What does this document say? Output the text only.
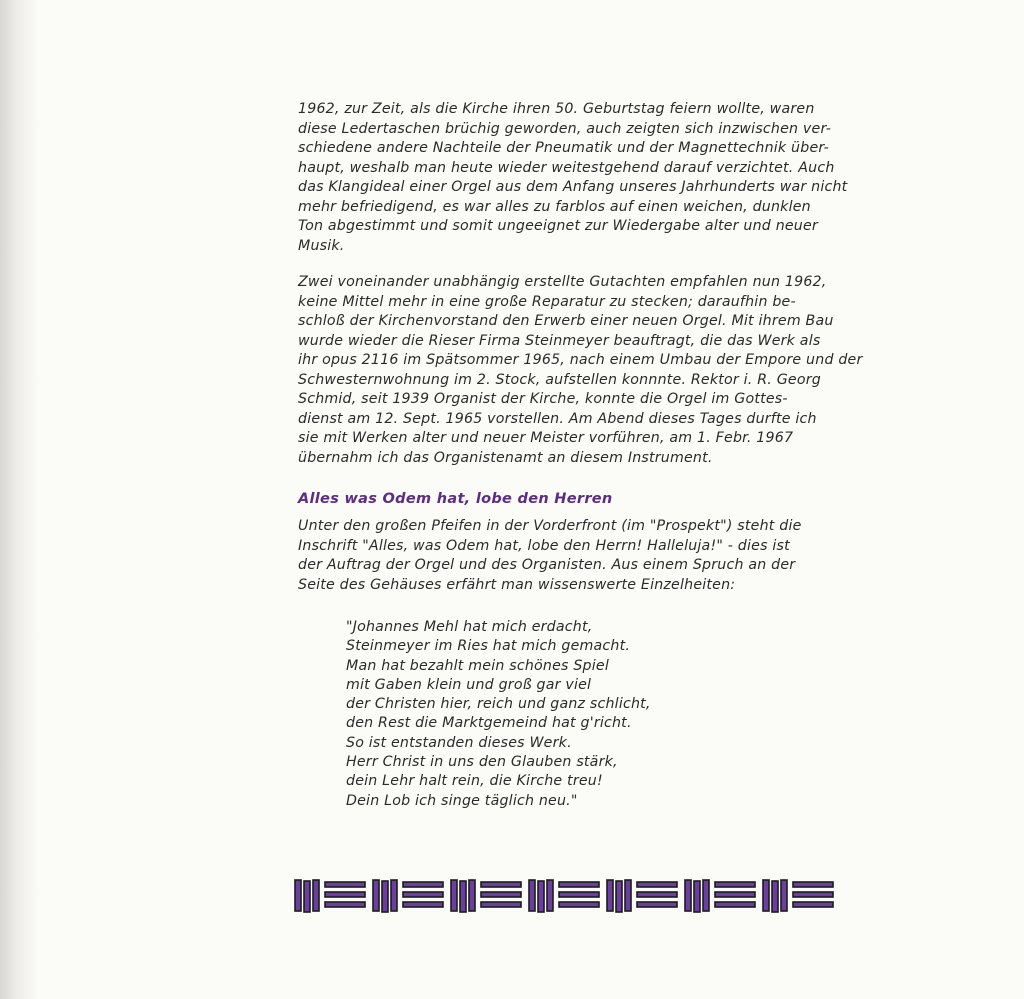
1962, zur Zeit, als die Kirche ihren 50. Geburtstag feiern wollte, waren
diese Ledertaschen brüchig geworden, auch zeigten sich inzwischen ver-
schiedene andere Nachteile der Pneumatik und der Magnettechnik über-
haupt, weshalb man heute wieder weitestgehend darauf verzichtet. Auch
das Klangideal einer Orgel aus dem Anfang unseres Jahrhunderts war nicht
mehr befriedigend, es war alles zu farblos auf einen weichen, dunklen
Ton abgestimmt und somit ungeeignet zur Wiedergabe alter und neuer
Musik.
Zwei voneinander unabhängig erstellte Gutachten empfahlen nun 1962,
keine Mittel mehr in eine große Reparatur zu stecken; daraufhin be-
schloß der Kirchenvorstand den Erwerb einer neuen Orgel. Mit ihrem Bau
wurde wieder die Rieser Firma Steinmeyer beauftragt, die das Werk als
ihr opus 2116 im Spätsommer 1965, nach einem Umbau der Empore und der
Schwesternwohnung im 2. Stock, aufstellen konnnte. Rektor i. R. Georg
Schmid, seit 1939 Organist der Kirche, konnte die Orgel im Gottes-
dienst am 12. Sept. 1965 vorstellen. Am Abend dieses Tages durfte ich
sie mit Werken alter und neuer Meister vorführen, am 1. Febr. 1967
übernahm ich das Organistenamt an diesem Instrument.
Alles was Odem hat, lobe den Herren
Unter den großen Pfeifen in der Vorderfront (im "Prospekt") steht die
Inschrift "Alles, was Odem hat, lobe den Herrn! Halleluja!" - dies ist
der Auftrag der Orgel und des Organisten. Aus einem Spruch an der
Seite des Gehäuses erfährt man wissenswerte Einzelheiten:
"Johannes Mehl hat mich erdacht,
Steinmeyer im Ries hat mich gemacht.
Man hat bezahlt mein schönes Spiel
mit Gaben klein und groß gar viel
der Christen hier, reich und ganz schlicht,
den Rest die Marktgemeind hat g'richt.
So ist entstanden dieses Werk.
Herr Christ in uns den Glauben stärk,
dein Lehr halt rein, die Kirche treu!
Dein Lob ich singe täglich neu."
